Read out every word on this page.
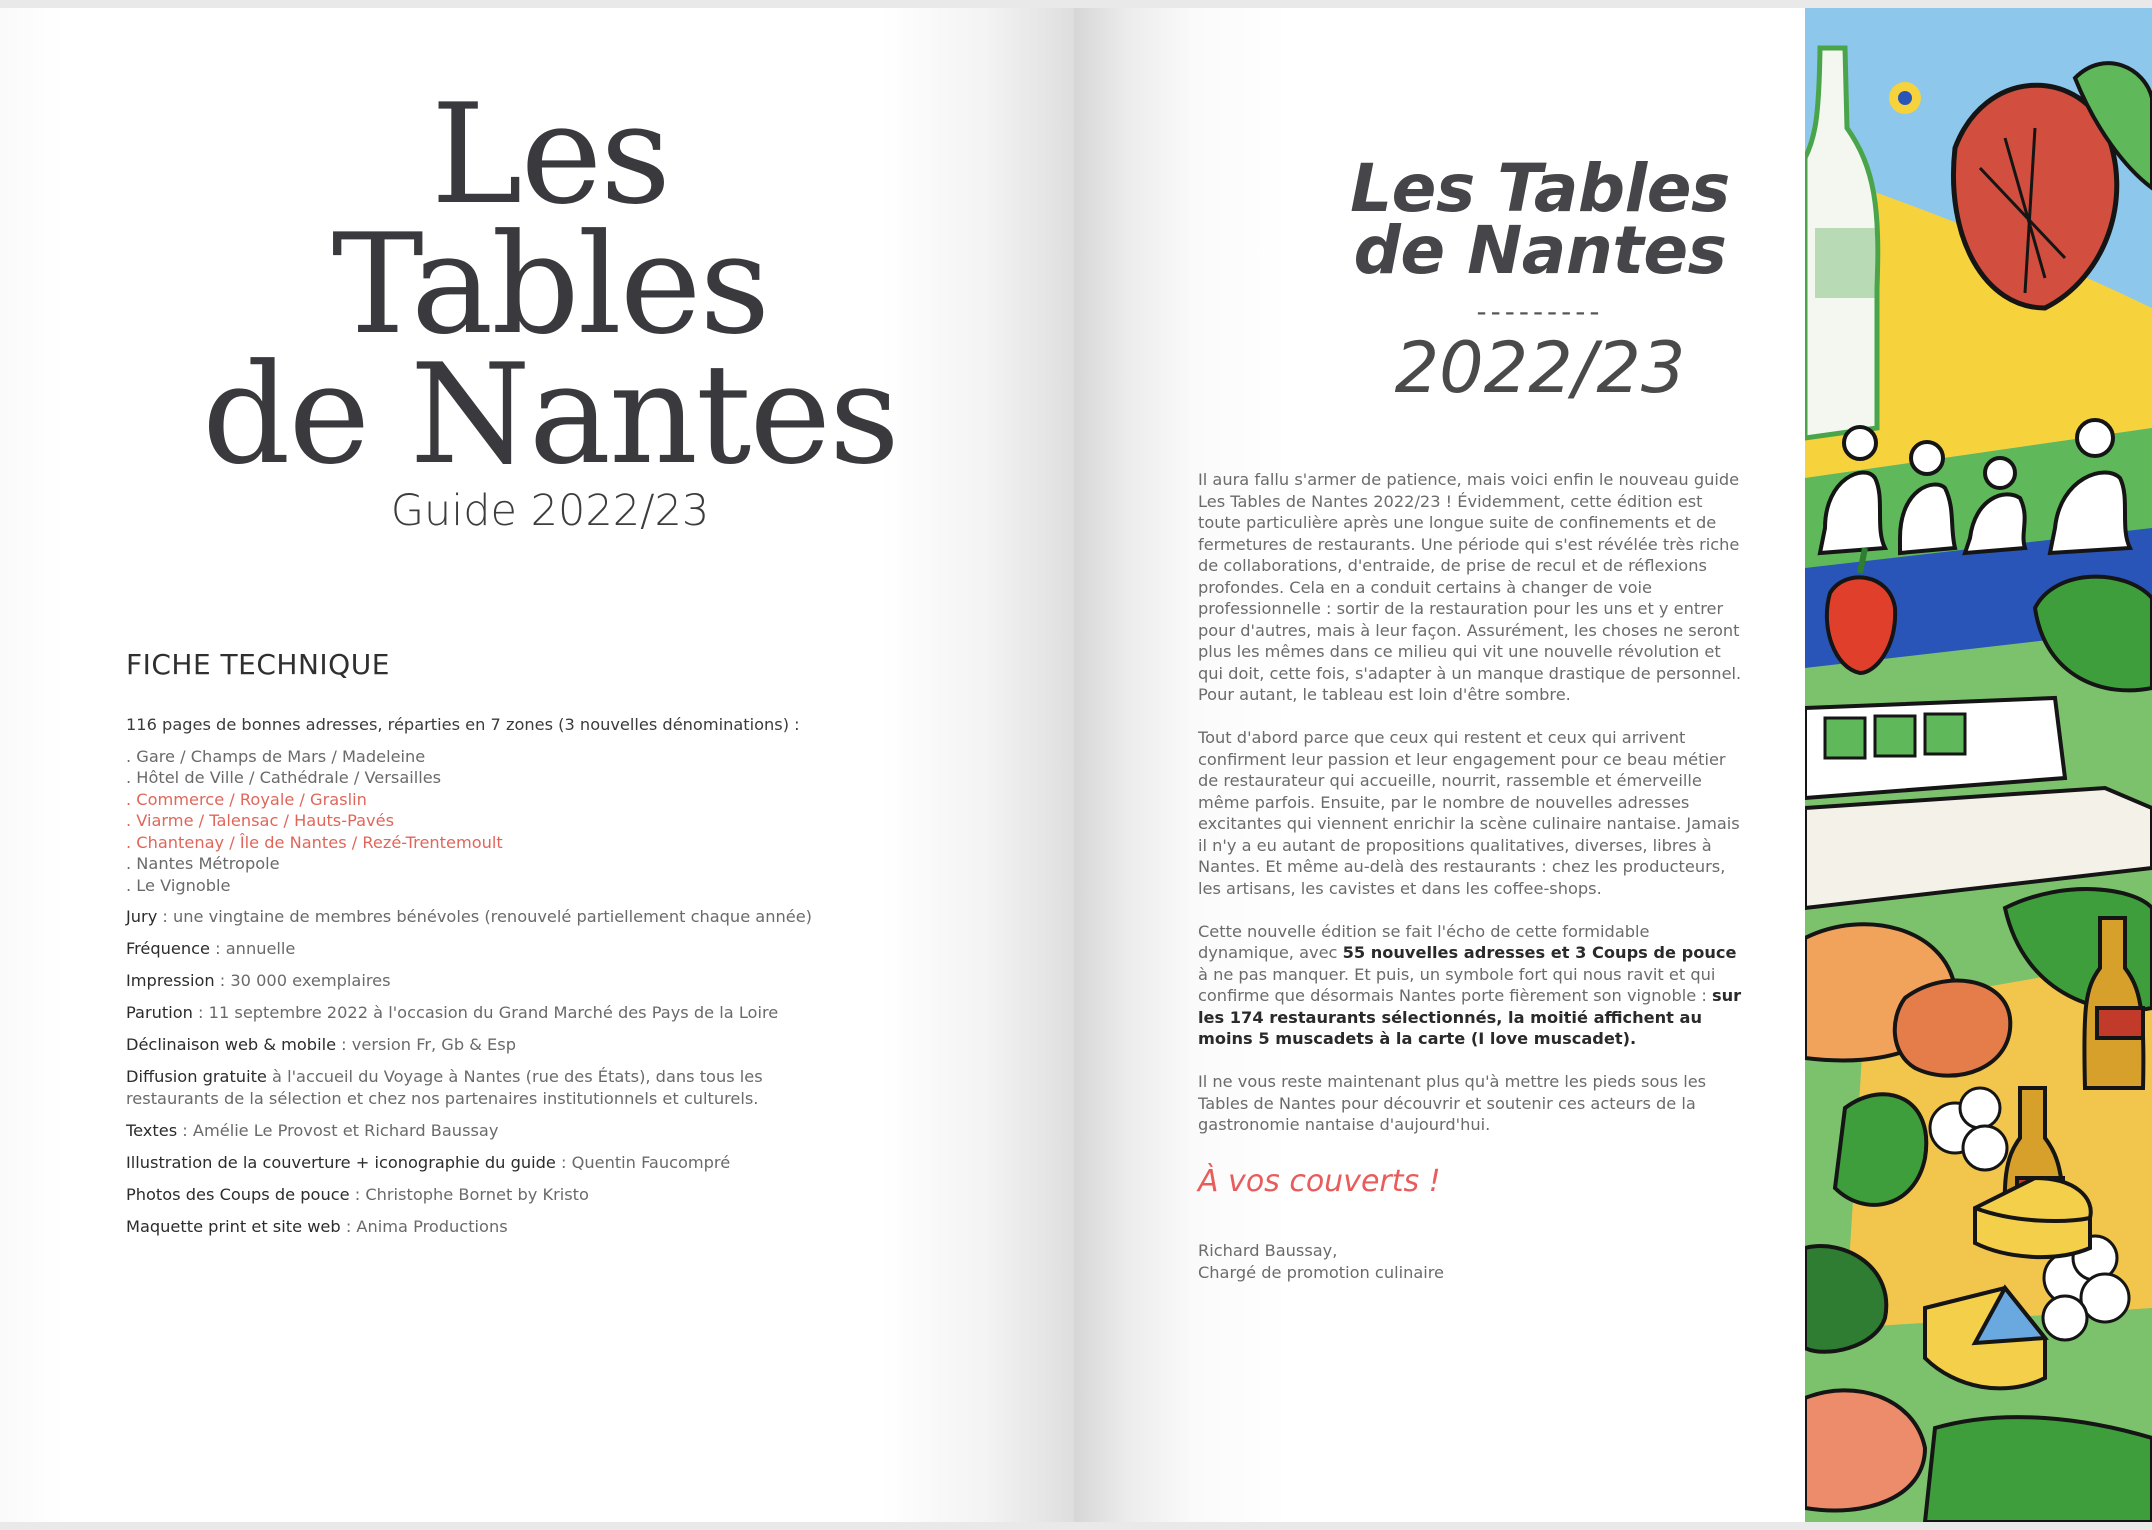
Les
Tables
de Nantes
Guide 2022/23
FICHE TECHNIQUE
116 pages de bonnes adresses, réparties en 7 zones (3 nouvelles dénominations) :
. Gare / Champs de Mars / Madeleine
. Hôtel de Ville / Cathédrale / Versailles
. Commerce / Royale / Graslin
. Viarme / Talensac / Hauts-Pavés
. Chantenay / Île de Nantes / Rezé-Trentemoult
. Nantes Métropole
. Le Vignoble
Jury : une vingtaine de membres bénévoles (renouvelé partiellement chaque année)
Fréquence : annuelle
Impression : 30 000 exemplaires
Parution : 11 septembre 2022 à l'occasion du Grand Marché des Pays de la Loire
Déclinaison web & mobile : version Fr, Gb & Esp
Diffusion gratuite à l'accueil du Voyage à Nantes (rue des États), dans tous les restaurants de la sélection et chez nos partenaires institutionnels et culturels.
Textes : Amélie Le Provost et Richard Baussay
Illustration de la couverture + iconographie du guide : Quentin Faucompré
Photos des Coups de pouce : Christophe Bornet by Kristo
Maquette print et site web : Anima Productions
Les Tables
de Nantes
---------
2022/23

Il aura fallu s'armer de patience, mais voici enfin le nouveau guide Les Tables de Nantes 2022/23 ! Évidemment, cette édition est toute particulière après une longue suite de confinements et de fermetures de restaurants. Une période qui s'est révélée très riche de collaborations, d'entraide, de prise de recul et de réflexions profondes. Cela en a conduit certains à changer de voie professionnelle : sortir de la restauration pour les uns et y entrer pour d'autres, mais à leur façon. Assurément, les choses ne seront plus les mêmes dans ce milieu qui vit une nouvelle révolution et qui doit, cette fois, s'adapter à un manque drastique de personnel. Pour autant, le tableau est loin d'être sombre.

Tout d'abord parce que ceux qui restent et ceux qui arrivent confirment leur passion et leur engagement pour ce beau métier de restaurateur qui accueille, nourrit, rassemble et émerveille même parfois. Ensuite, par le nombre de nouvelles adresses excitantes qui viennent enrichir la scène culinaire nantaise. Jamais il n'y a eu autant de propositions qualitatives, diverses, libres à Nantes. Et même au-delà des restaurants : chez les producteurs, les artisans, les cavistes et dans les coffee-shops.

Cette nouvelle édition se fait l'écho de cette formidable dynamique, avec 55 nouvelles adresses et 3 Coups de pouce à ne pas manquer. Et puis, un symbole fort qui nous ravit et qui confirme que désormais Nantes porte fièrement son vignoble : sur les 174 restaurants sélectionnés, la moitié affichent au moins 5 muscadets à la carte (I love muscadet).

Il ne vous reste maintenant plus qu'à mettre les pieds sous les Tables de Nantes pour découvrir et soutenir ces acteurs de la gastronomie nantaise d'aujourd'hui.

À vos couverts !
Richard Baussay,
Chargé de promotion culinaire
